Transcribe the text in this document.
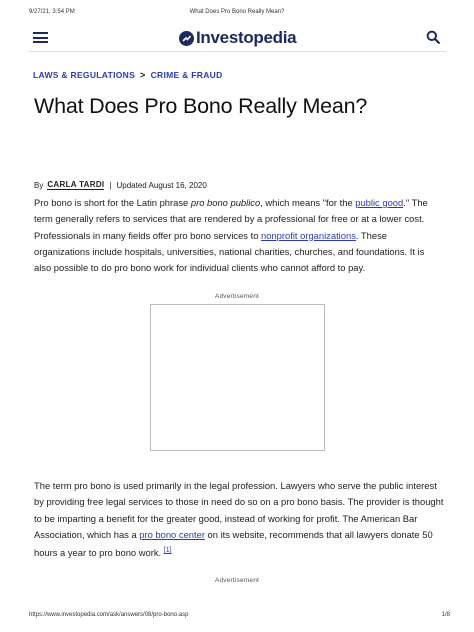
9/27/21, 3:54 PM	What Does Pro Bono Really Mean?
Investopedia
LAWS & REGULATIONS > CRIME & FRAUD
What Does Pro Bono Really Mean?
By CARLA TARDI | Updated August 16, 2020

Pro bono is short for the Latin phrase pro bono publico, which means "for the public good." The term generally refers to services that are rendered by a professional for free or at a lower cost. Professionals in many fields offer pro bono services to nonprofit organizations. These organizations include hospitals, universities, national charities, churches, and foundations. It is also possible to do pro bono work for individual clients who cannot afford to pay.

Advertisement

The term pro bono is used primarily in the legal profession. Lawyers who serve the public interest by providing free legal services to those in need do so on a pro bono basis. The provider is thought to be imparting a benefit for the greater good, instead of working for profit. The American Bar Association, which has a pro bono center on its website, recommends that all lawyers donate 50 hours a year to pro bono work. [1]

Advertisement
https://www.investopedia.com/ask/answers/08/pro-bono.asp	1/8
